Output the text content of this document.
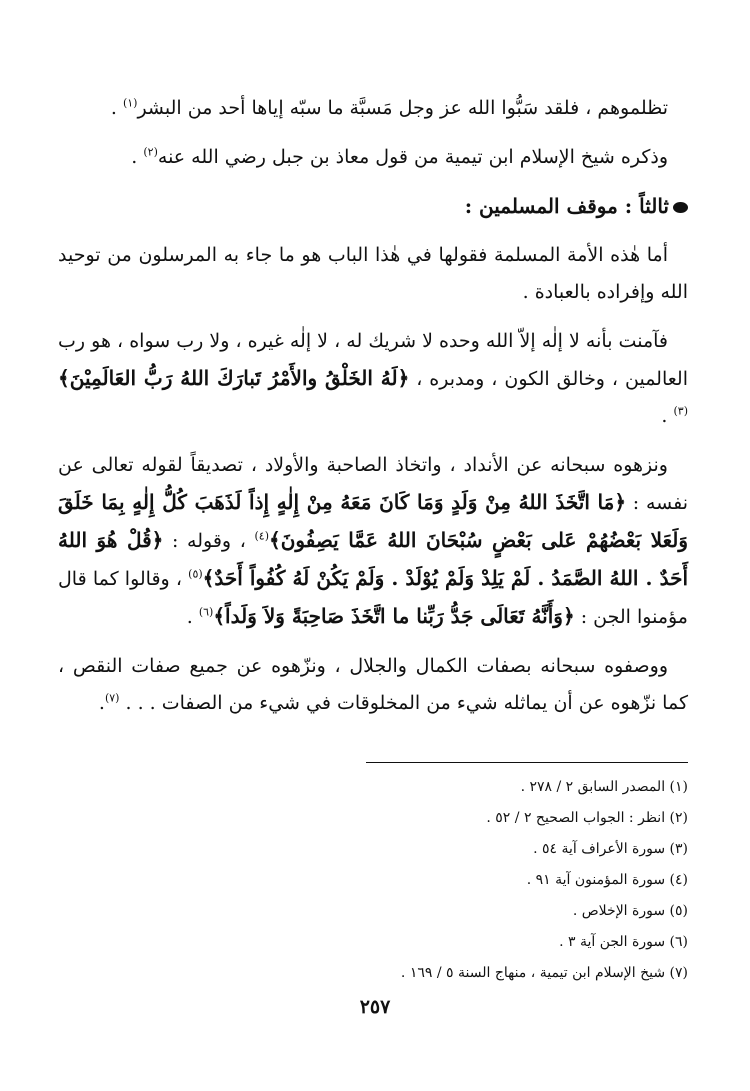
تظلموهم ، فلقد سَبُّوا الله عز وجل مَسبَّة ما سبّه إياها أحد من البشر$^{(١)}$ .

وذكره شيخ الإسلام ابن تيمية من قول معاذ بن جبل رضي الله عنه$^{(٢)}$ .

ثالثاً : موقف المسلمين :

أما هٰذه الأمة المسلمة فقولها في هٰذا الباب هو ما جاء به المرسلون من توحيد الله وإفراده بالعبادة .

فآمنت بأنه لا إلٰه إلاّ الله وحده لا شريك له ، لا إلٰه غيره ، ولا رب سواه ، هو رب العالمين ، وخالق الكون ، ومدبره ، ﴿لَهُ الخَلْقُ والأَمْرُ تَبارَكَ اللهُ رَبُّ العَالَمِيْنَ﴾$^{(٣)}$ .

ونزهوه سبحانه عن الأنداد ، واتخاذ الصاحبة والأولاد ، تصديقاً لقوله تعالى عن نفسه : ﴿مَا اتَّخَذَ اللهُ مِنْ وَلَدٍ وَمَا كَانَ مَعَهُ مِنْ إِلٰهٍ إِذاً لَذَهَبَ كُلُّ إِلٰهٍ بِمَا خَلَقَ وَلَعَلا بَعْضُهُمْ عَلى بَعْضٍ سُبْحَانَ اللهُ عَمَّا يَصِفُونَ﴾$^{(٤)}$ ، وقوله : ﴿قُلْ هُوَ اللهُ أَحَدٌ . اللهُ الصَّمَدُ . لَمْ يَلِدْ وَلَمْ يُوْلَدْ . وَلَمْ يَكُنْ لَهُ كُفُواً أَحَدٌ﴾$^{(٥)}$ ، وقالوا كما قال مؤمنوا الجن : ﴿وَأَنَّهُ تَعَالَى جَدُّ رَبِّنا ما اتَّخَذَ صَاحِبَةً وَلاَ وَلَداً﴾$^{(٦)}$ .

ووصفوه سبحانه بصفات الكمال والجلال ، ونزّهوه عن جميع صفات النقص ، كما نزّهوه عن أن يماثله شيء من المخلوقات في شيء من الصفات . . . $^{(٧)}$.

(١) المصدر السابق ٢ / ٢٧٨ .
(٢) انظر : الجواب الصحيح ٢ / ٥٢ .
(٣) سورة الأعراف آية ٥٤ .
(٤) سورة المؤمنون آية ٩١ .
(٥) سورة الإخلاص .
(٦) سورة الجن آية ٣ .
(٧) شيخ الإسلام ابن تيمية ، منهاج السنة ٥ / ١٦٩ .
٢٥٧
